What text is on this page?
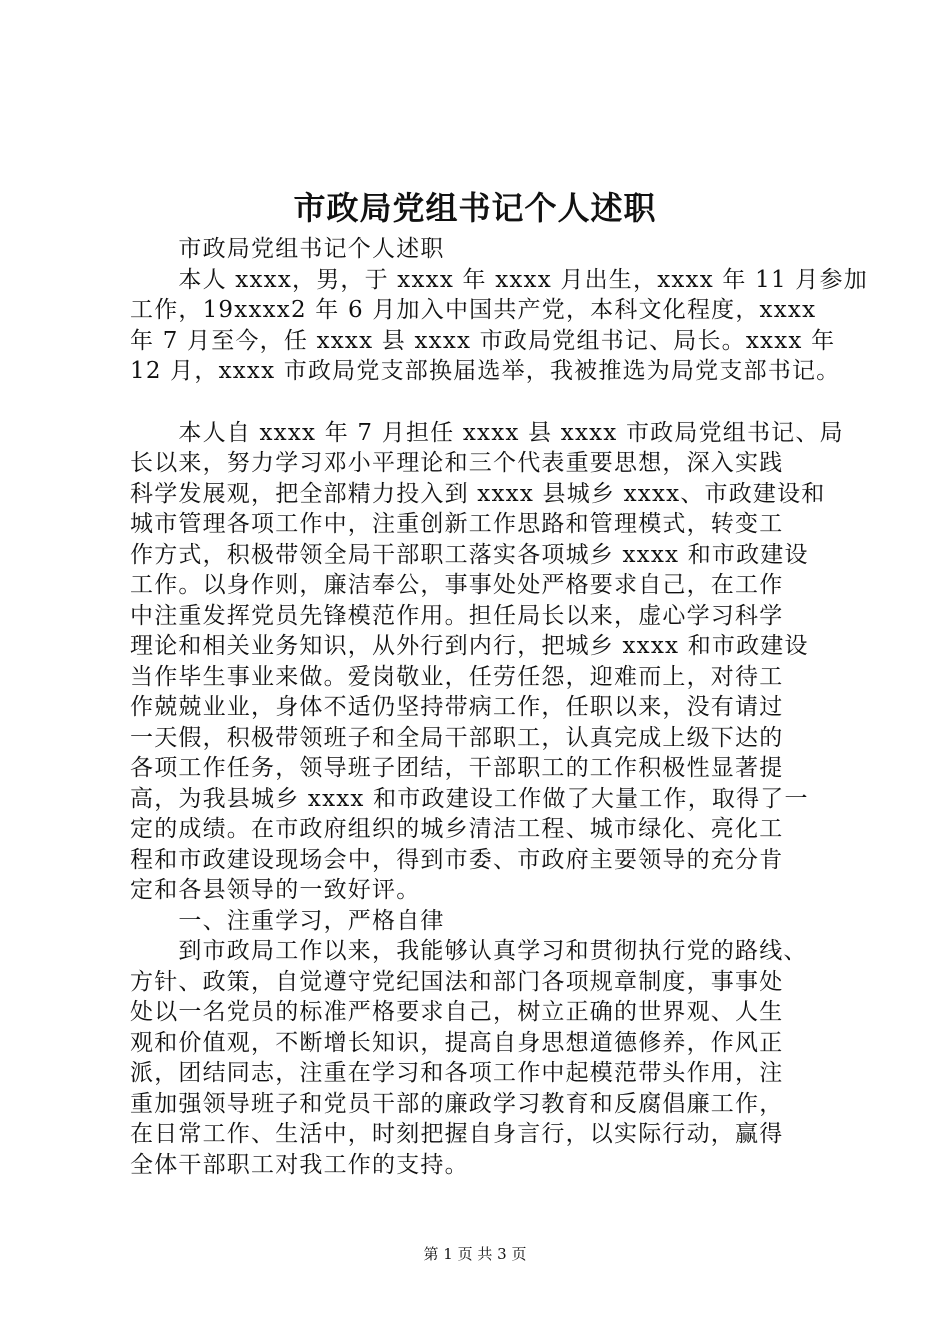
市政局党组书记个人述职
　　市政局党组书记个人述职
　　本人 xxxx，男，于 xxxx 年 xxxx 月出生，xxxx 年 11 月参加
工作，19xxxx2 年 6 月加入中国共产党，本科文化程度，xxxx
年 7 月至今，任 xxxx 县 xxxx 市政局党组书记、局长。xxxx 年
12 月，xxxx 市政局党支部换届选举，我被推选为局党支部书记。
　　本人自 xxxx 年 7 月担任 xxxx 县 xxxx 市政局党组书记、局
长以来，努力学习邓小平理论和三个代表重要思想，深入实践
科学发展观，把全部精力投入到 xxxx 县城乡 xxxx、市政建设和
城市管理各项工作中，注重创新工作思路和管理模式，转变工
作方式，积极带领全局干部职工落实各项城乡 xxxx 和市政建设
工作。以身作则，廉洁奉公，事事处处严格要求自己，在工作
中注重发挥党员先锋模范作用。担任局长以来，虚心学习科学
理论和相关业务知识，从外行到内行，把城乡 xxxx 和市政建设
当作毕生事业来做。爱岗敬业，任劳任怨，迎难而上，对待工
作兢兢业业，身体不适仍坚持带病工作，任职以来，没有请过
一天假，积极带领班子和全局干部职工，认真完成上级下达的
各项工作任务，领导班子团结，干部职工的工作积极性显著提
高，为我县城乡 xxxx 和市政建设工作做了大量工作，取得了一
定的成绩。在市政府组织的城乡清洁工程、城市绿化、亮化工
程和市政建设现场会中，得到市委、市政府主要领导的充分肯
定和各县领导的一致好评。
　　一、注重学习，严格自律
　　到市政局工作以来，我能够认真学习和贯彻执行党的路线、
方针、政策，自觉遵守党纪国法和部门各项规章制度，事事处
处以一名党员的标准严格要求自己，树立正确的世界观、人生
观和价值观，不断增长知识，提高自身思想道德修养，作风正
派，团结同志，注重在学习和各项工作中起模范带头作用，注
重加强领导班子和党员干部的廉政学习教育和反腐倡廉工作，
在日常工作、生活中，时刻把握自身言行，以实际行动，赢得
全体干部职工对我工作的支持。
第 1 页 共 3 页
